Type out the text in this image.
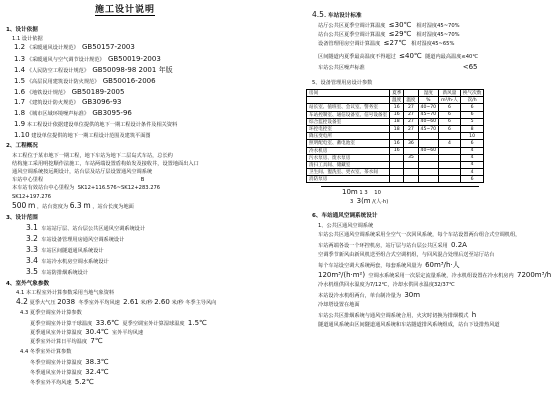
施工设计说明
1、设计依据
1.1 设计依据
1.2 《采暖通风设计规范》 GB50157-2003
1.3 《采暖通风与空气调节设计规范》 GB50019-2003
1.4 《人民防空工程设计规范》 GB50098-98 2001 年版
1.5 《高层民用建筑设计防火规范》 GB50016-2006
1.6 《地铁设计规范》 GB50189-2005
1.7 《建筑设计防火规范》 GB3096-93
1.8 《城市区域环境噪声标准》 GB3095-96
1.9 本工程设计依据建设单位提供的地下一期工程设计条件及相关资料
1.10 建设单位提供的地下一期工程设计范围及建筑平面图
2、工程概况
本工程位于某市地下一期工程，地下车站为地下二层岛式车站，总长约
结构施工采用明挖顺作法施工，车站两端设置盾构始发及接收井，设置地面出入口
通风空调系统按远期设计，站台层及站厅层设置通风空调系统
车站中心里程	B
本车站有效站台中心里程为 SK12+116.576~SK12+283.276
SK12+197.276
500 m ，站台宽度为 6.3 m ，站台长度为地面
3、设计范围
3.1 车站站厅层、站台层公共区通风空调系统设计
3.2 车站设备管理用房通风空调系统设计
3.3 车站区间隧道通风系统设计
3.4 车站冷水机房空调水系统设计
3.5 车站防排烟系统设计
4、室外气象参数
4.1 本工程室外计算参数采用当地气象资料
4.2 夏季大气压 2038 冬季室外平均风速 2.61 米/秒 2.60 米/秒 冬季主导风向
4.3 夏季空调室外计算参数
夏季空调室外计算干球温度 33.6℃ 夏季空调室外计算湿球温度 1.5℃
夏季通风室外计算温度 30.4℃ 室外平均风速
夏季室外计算日平均温度 7℃
4.4 冬季室外计算参数
冬季空调室外计算温度 38.3℃
冬季通风室外计算温度 32.4℃
冬季室外平均风速 5.2℃
4.5. 车站设计标准
站厅公共区夏季空调计算温度 ≤30℃ 相对湿度45~70%
站台公共区夏季空调计算温度 ≤29℃ 相对湿度45~70%
设备管理用房空调计算温度 ≤27℃ 相对湿度45~65%
区间隧道内夏季最高温度不得超过 ≤40℃ 隧道内最高温度≤40℃
车站公共区噪声标准	<65
5、设备管理用房设计参数
房间	夏季		湿度	新风量	换气次数
	温度	温度	%	m³/h·人	次/h
站长室、值班室、会议室、警务室	16	27	40~70	6	6
车站控制室、通信设备室、信号设备室	16	27	45~70	6	6
综合监控设备室	18	27	40~60	6	5
环控电控室	18	27	45~70	6	8
降压变电所					10
照明配电室、蓄电池室	16	36		4	6
冷水机房	16		40~60		4
污水泵房、废水泵房		35			4
清扫工具间、储藏室					4
卫生间、盥洗室、更衣室、茶水间					4
消防泵房					6
10m 1 3 10
3 3(m /(人·h)
6、车站通风空调系统设计
1、公共区通风空调系统
车站公共区通风空调系统采用全空气一次回风系统，每个车站设置两台组合式空调机组，
车站两端各设一个环控机房，站厅层与站台层公共区采用 0.2A
空调季节新风由新风机送至组合式空调机组，与回风混合处理后送至站厅站台
每个车站设空调大系统两套，每套系统风量为 60m³/h·人
120m³/(h·m²) 空调水系统采用一次泵定流量系统，冷水机组设置在冷水机房内 7200m³/h
冷水机组供回水温度为7/12℃，冷却水供回水温度32/37℃
本站设冷水机组两台，单台制冷量为 30m
冷却塔设置在地面
车站公共区排烟系统与通风空调系统合用，火灾时切换为排烟模式 h
隧道通风系统由区间隧道通风系统和车站隧道排风系统组成，站台下设排热风道
